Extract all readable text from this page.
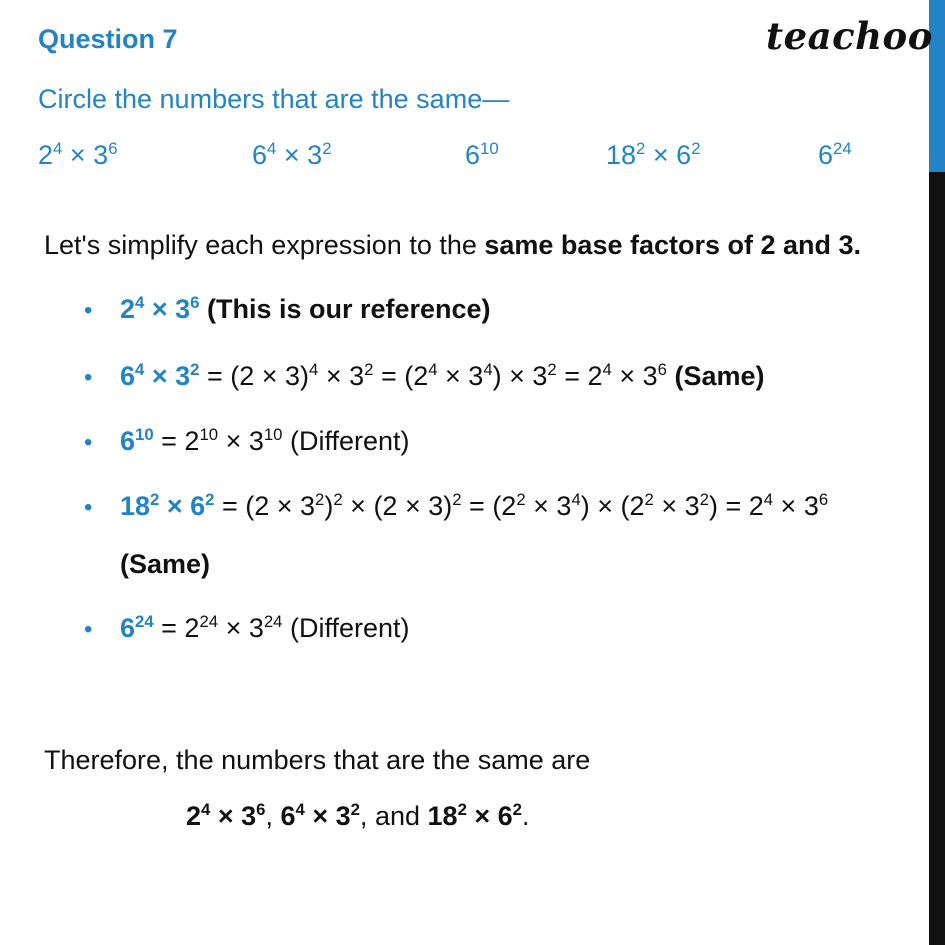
Question 7	teachoo
Circle the numbers that are the same—
$2^4 \times 3^6$	$6^4 \times 3^2$	$6^{10}$	$18^2 \times 6^2$	$6^{24}$
Let's simplify each expression to the same base factors of 2 and 3.
• $2^4 \times 3^6$ (This is our reference)
• $6^4 \times 3^2 = (2 \times 3)^4 \times 3^2 = (2^4 \times 3^4) \times 3^2 = 2^4 \times 3^6$ (Same)
• $6^{10} = 2^{10} \times 3^{10}$ (Different)
• $18^2 \times 6^2 = (2 \times 3^2)^2 \times (2 \times 3)^2 = (2^2 \times 3^4) \times (2^2 \times 3^2) = 2^4 \times 3^6$
(Same)
• $6^{24} = 2^{24} \times 3^{24}$ (Different)
Therefore, the numbers that are the same are
$2^4 \times 3^6$, $6^4 \times 3^2$, and $18^2 \times 6^2$.
